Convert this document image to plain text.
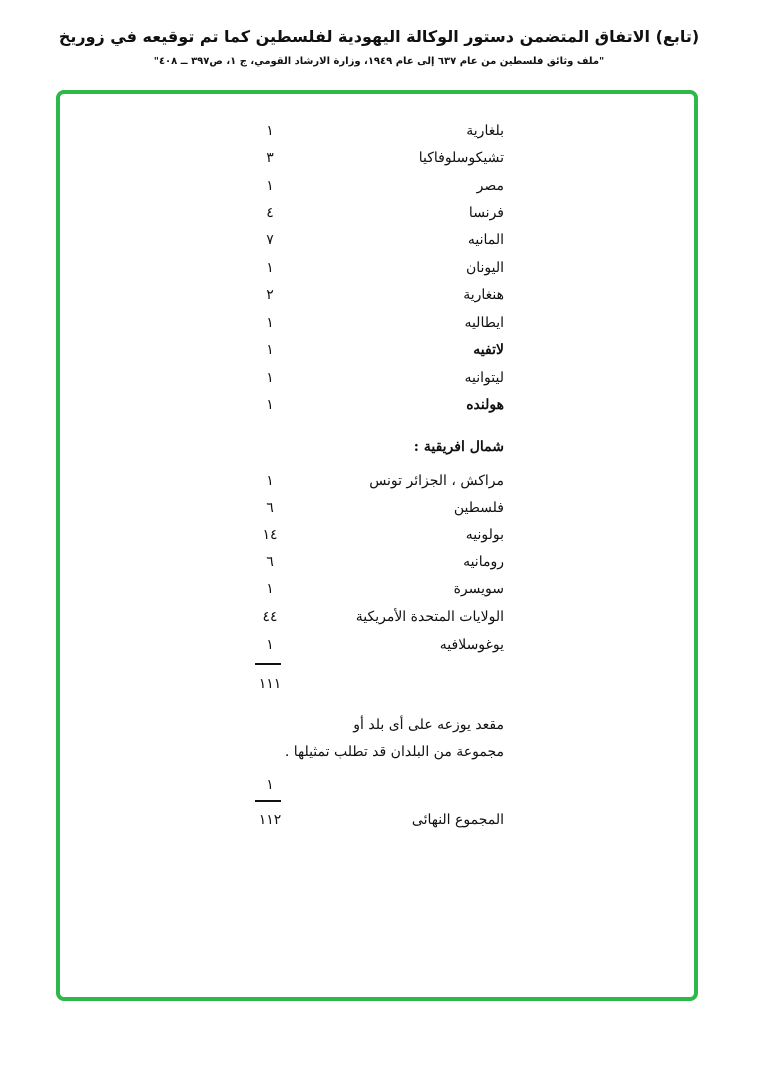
(تابع) الاتفاق المتضمن دستور الوكالة اليهودية لفلسطين كما تم توقيعه في زوريخ
"ملف وثائق فلسطين من عام ٦٣٧ إلى عام ١٩٤٩، وزارة الارشاد القومي، ج ١، ص٣٩٧ ــ ٤٠٨"
بلغارية
١
تشيكوسلوفاكيا
٣
مصر
١
فرنسا
٤
المانيه
٧
اليونان
١
هنغارية
٢
ايطاليه
١
لاتفيه
١
ليتوانيه
١
هولنده
١
شمال افريقية :
مراكش ، الجزائر تونس
١
فلسطين
٦
بولونيه
١٤
رومانيه
٦
سويسرة
١
الولايات المتحدة الأمريكية
٤٤
يوغوسلافيه
١
١١١
مقعد يوزعه على أى بلد أو
مجموعة من البلدان قد تطلب تمثيلها .
١
المجموع النهائى
١١٢
